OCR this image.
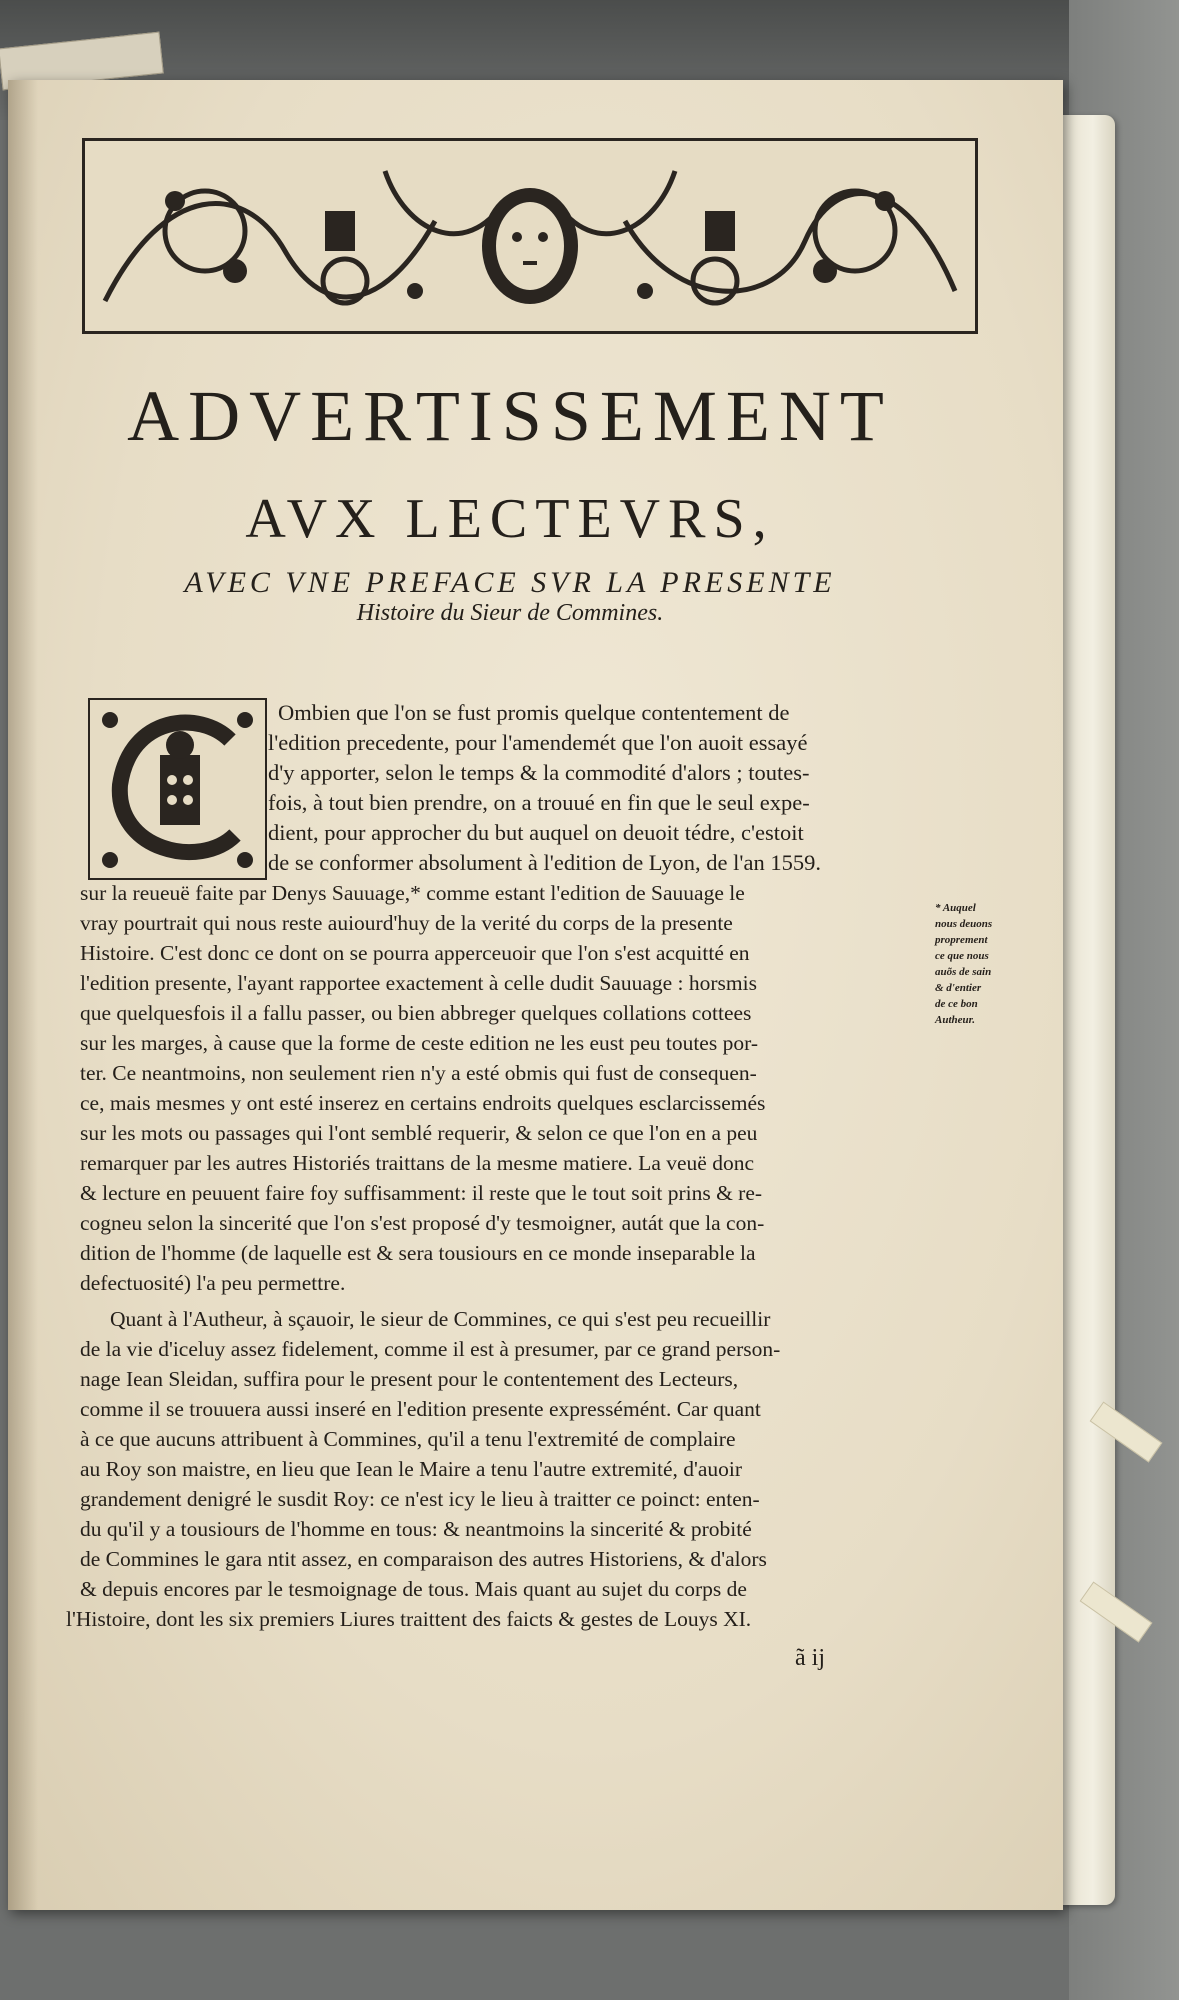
ADVERTISSEMENT
AVX LECTEVRS,
AVEC VNE PREFACE SVR LA PRESENTE
Histoire du Sieur de Commines.
Ombien que l'on se fust promis quelque contentement de
l'edition precedente, pour l'amendemét que l'on auoit essayé
d'y apporter, selon le temps & la commodité d'alors ; toutes-
fois, à tout bien prendre, on a trouué en fin que le seul expe-
dient, pour approcher du but auquel on deuoit tédre, c'estoit
de se conformer absolument à l'edition de Lyon, de l'an 1559.
sur la reueuë faite par Denys Sauuage,* comme estant l'edition de Sauuage le
vray pourtrait qui nous reste auiourd'huy de la verité du corps de la presente
Histoire. C'est donc ce dont on se pourra apperceuoir que l'on s'est acquitté en
l'edition presente, l'ayant rapportee exactement à celle dudit Sauuage : horsmis
que quelquesfois il a fallu passer, ou bien abbreger quelques collations cottees
sur les marges, à cause que la forme de ceste edition ne les eust peu toutes por-
ter. Ce neantmoins, non seulement rien n'y a esté obmis qui fust de consequen-
ce, mais mesmes y ont esté inserez en certains endroits quelques esclarcissemés
sur les mots ou passages qui l'ont semblé requerir, & selon ce que l'on en a peu
remarquer par les autres Historiés traittans de la mesme matiere. La veuë donc
& lecture en peuuent faire foy suffisamment: il reste que le tout soit prins & re-
cogneu selon la sincerité que l'on s'est proposé d'y tesmoigner, autát que la con-
dition de l'homme (de laquelle est & sera tousiours en ce monde inseparable la
defectuosité) l'a peu permettre.
Quant à l'Autheur, à sçauoir, le sieur de Commines, ce qui s'est peu recueillir
de la vie d'iceluy assez fidelement, comme il est à presumer, par ce grand person-
nage Iean Sleidan, suffira pour le present pour le contentement des Lecteurs,
comme il se trouuera aussi inseré en l'edition presente expressémént. Car quant
à ce que aucuns attribuent à Commines, qu'il a tenu l'extremité de complaire
au Roy son maistre, en lieu que Iean le Maire a tenu l'autre extremité, d'auoir
grandement denigré le susdit Roy: ce n'est icy le lieu à traitter ce poinct: enten-
du qu'il y a tousiours de l'homme en tous: & neantmoins la sincerité & probité
de Commines le gara ntit assez, en comparaison des autres Historiens, & d'alors
& depuis encores par le tesmoignage de tous. Mais quant au sujet du corps de
l'Histoire, dont les six premiers Liures traittent des faicts & gestes de Louys XI.
* Auquel
nous deuons
proprement
ce que nous
auõs de sain
& d'entier
de ce bon
Autheur.
ã ij
